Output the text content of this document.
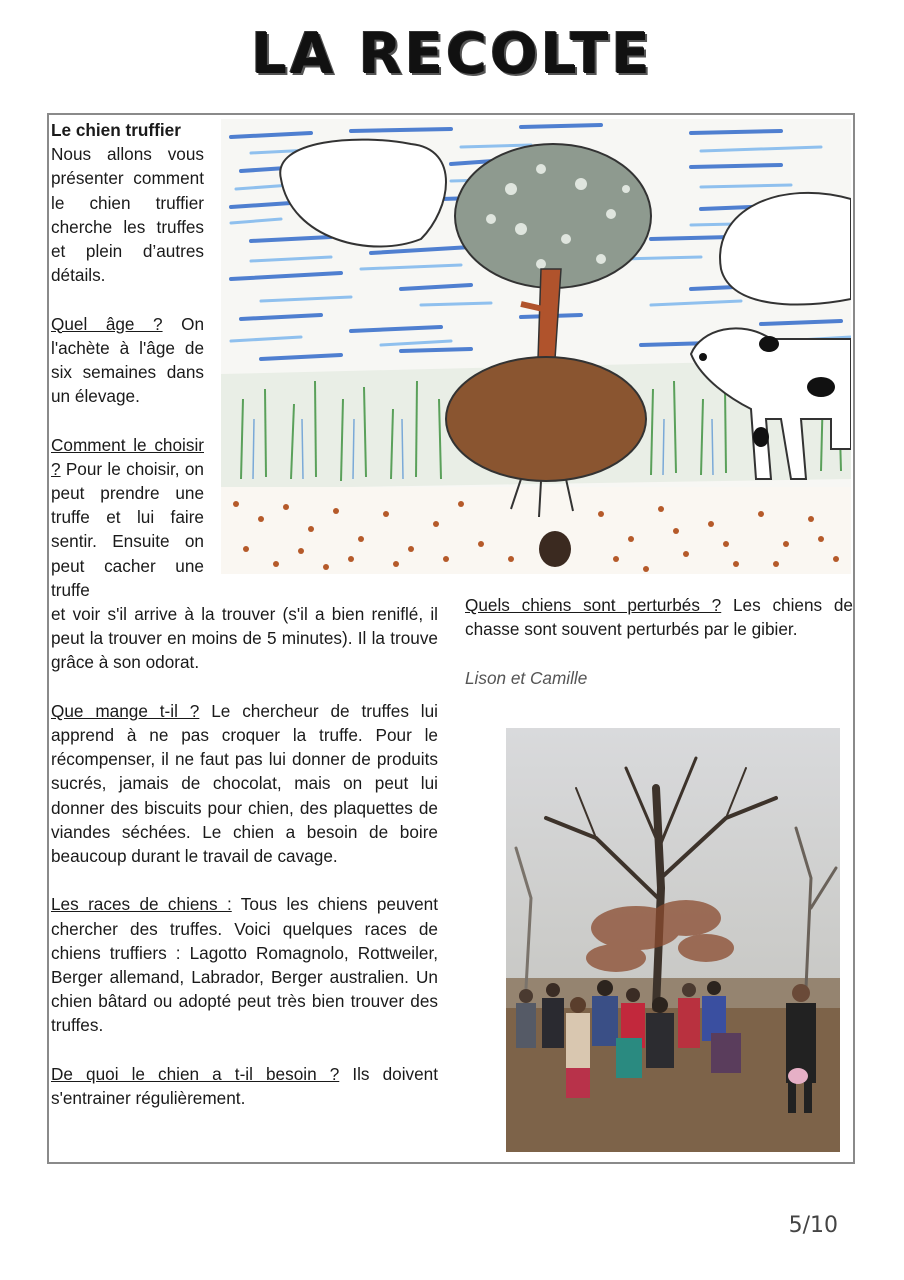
LA RECOLTE

Le chien truffier

Nous allons vous présenter comment le chien truffier cherche les truffes et plein d’autres détails.

Quel âge ? On l'achète à l'âge de six semaines dans un élevage.

Comment le choisir ? Pour le choisir, on peut prendre une truffe et lui faire sentir. Ensuite on peut cacher une truffe

et voir s'il arrive à la trouver (s'il a bien reniflé, il peut la trouver en moins de 5 minutes). Il la trouve grâce à son odorat.

Que mange t-il ? Le chercheur de truffes lui apprend à ne pas croquer la truffe. Pour le récompenser, il ne faut pas lui donner de produits sucrés, jamais de chocolat, mais on peut lui donner des biscuits pour chien, des plaquettes de viandes séchées. Le chien a besoin de boire beaucoup durant le travail de cavage.

Les races de chiens : Tous les chiens peuvent chercher des truffes. Voici quelques races de chiens truffiers : Lagotto Romagnolo, Rottweiler, Berger allemand, Labrador, Berger australien. Un chien bâtard ou adopté peut très bien trouver des truffes.

De quoi le chien a t-il besoin ? Ils doivent s'entrainer régulièrement.

Quels chiens sont perturbés ? Les chiens de chasse sont souvent perturbés par le gibier.

Lison et Camille

5/10
